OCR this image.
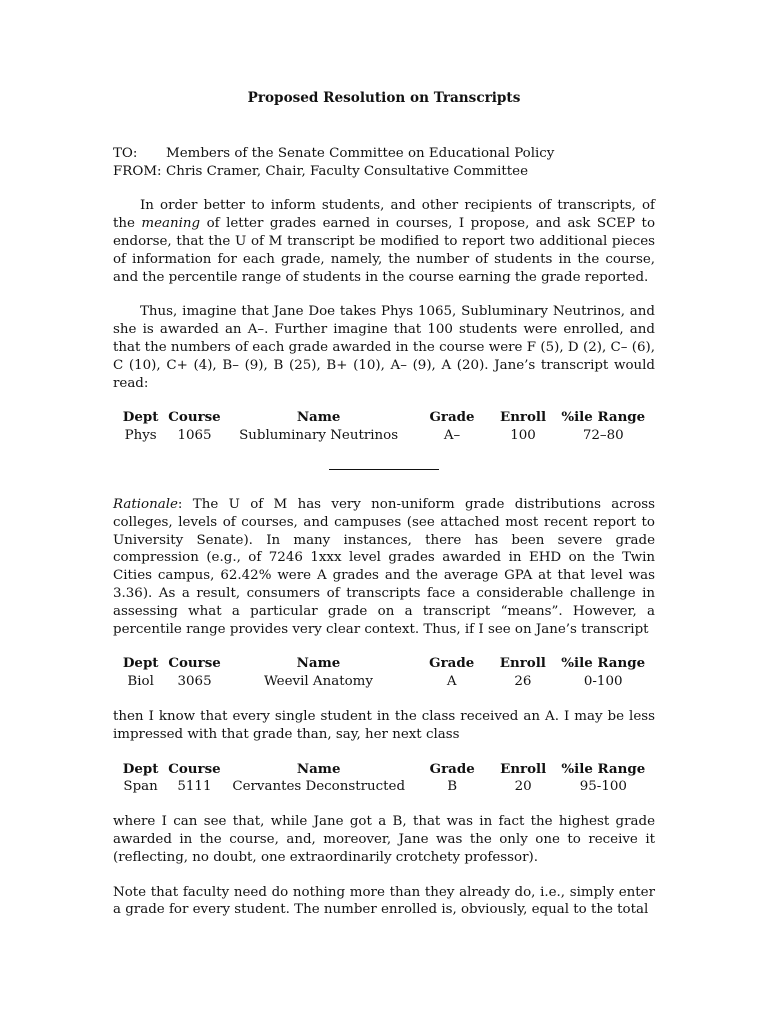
Proposed Resolution on Transcripts
TO:	Members of the Senate Committee on Educational Policy
FROM: Chris Cramer, Chair, Faculty Consultative Committee

In order better to inform students, and other recipients of transcripts, of the meaning of letter grades earned in courses, I propose, and ask SCEP to endorse, that the U of M transcript be modified to report two additional pieces of information for each grade, namely, the number of students in the course, and the percentile range of students in the course earning the grade reported.

Thus, imagine that Jane Doe takes Phys 1065, Subluminary Neutrinos, and she is awarded an A–. Further imagine that 100 students were enrolled, and that the numbers of each grade awarded in the course were F (5), D (2), C– (6), C (10), C+ (4), B– (9), B (25), B+ (10), A– (9), A (20). Jane’s transcript would read:

Dept	Course	Name	Grade	Enroll	%ile Range
Phys	1065	Subluminary Neutrinos	A–	100	72–80

Rationale: The U of M has very non-uniform grade distributions across colleges, levels of courses, and campuses (see attached most recent report to University Senate). In many instances, there has been severe grade compression (e.g., of 7246 1xxx level grades awarded in EHD on the Twin Cities campus, 62.42% were A grades and the average GPA at that level was 3.36). As a result, consumers of transcripts face a considerable challenge in assessing what a particular grade on a transcript “means”. However, a percentile range provides very clear context. Thus, if I see on Jane’s transcript

Dept	Course	Name	Grade	Enroll	%ile Range
Biol	3065	Weevil Anatomy	A	26	0-100

then I know that every single student in the class received an A. I may be less impressed with that grade than, say, her next class

Dept	Course	Name	Grade	Enroll	%ile Range
Span	5111	Cervantes Deconstructed	B	20	95-100

where I can see that, while Jane got a B, that was in fact the highest grade awarded in the course, and, moreover, Jane was the only one to receive it (reflecting, no doubt, one extraordinarily crotchety professor).

Note that faculty need do nothing more than they already do, i.e., simply enter a grade for every student. The number enrolled is, obviously, equal to the total
